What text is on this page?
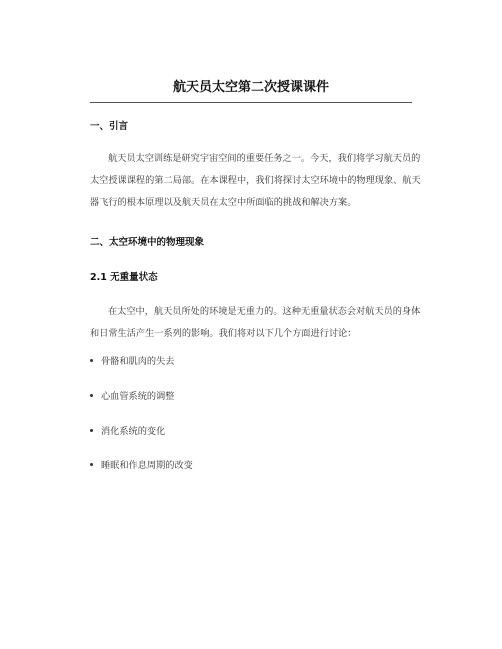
航天员太空第二次授课课件
一、引言
航天员太空训练是研究宇宙空间的重要任务之一。今天，我们将学习航天员的
太空授课课程的第二局部。在本课程中，我们将探讨太空环境中的物理现象、航天
器飞行的根本原理以及航天员在太空中所面临的挑战和解决方案。
二、太空环境中的物理现象
2.1 无重量状态
在太空中，航天员所处的环境是无重力的。这种无重量状态会对航天员的身体
和日常生活产生一系列的影响。我们将对以下几个方面进行讨论：
骨骼和肌肉的失去
心血管系统的调整
消化系统的变化
睡眠和作息周期的改变
